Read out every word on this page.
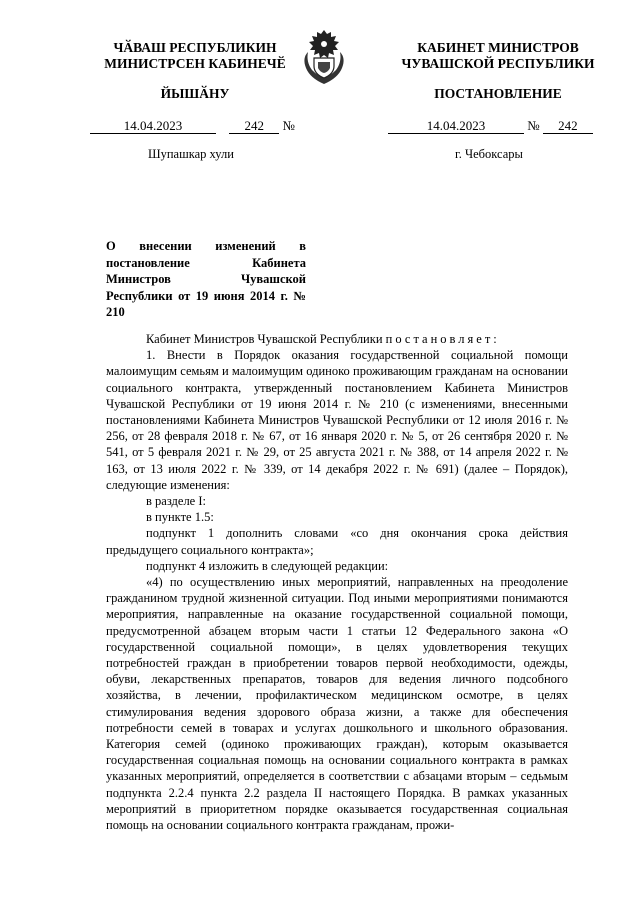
ЧӐВАШ РЕСПУБЛИКИН
МИНИСТРСЕН КАБИНЕЧӖ
КАБИНЕТ МИНИСТРОВ
ЧУВАШСКОЙ РЕСПУБЛИКИ
ЙЫШӐНУ	ПОСТАНОВЛЕНИЕ
14.04.2023	242 №	14.04.2023	№ 242
Шупашкар хули	г. Чебоксары
О внесении изменений в постановление Кабинета Министров Чувашской Республики от 19 июня 2014 г. № 210

Кабинет Министров Чувашской Республики постановляет:

1. Внести в Порядок оказания государственной социальной помощи малоимущим семьям и малоимущим одиноко проживающим гражданам на основании социального контракта, утвержденный постановлением Кабинета Министров Чувашской Республики от 19 июня 2014 г. № 210 (с изменениями, внесенными постановлениями Кабинета Министров Чувашской Республики от 12 июля 2016 г. № 256, от 28 февраля 2018 г. № 67, от 16 января 2020 г. № 5, от 26 сентября 2020 г. № 541, от 5 февраля 2021 г. № 29, от 25 августа 2021 г. № 388, от 14 апреля 2022 г. № 163, от 13 июля 2022 г. № 339, от 14 декабря 2022 г. № 691) (далее – Порядок), следующие изменения:

в разделе I:

в пункте 1.5:

подпункт 1 дополнить словами «со дня окончания срока действия предыдущего социального контракта»;

подпункт 4 изложить в следующей редакции:

«4) по осуществлению иных мероприятий, направленных на преодоление гражданином трудной жизненной ситуации. Под иными мероприятиями понимаются мероприятия, направленные на оказание государственной социальной помощи, предусмотренной абзацем вторым части 1 статьи 12 Федерального закона «О государственной социальной помощи», в целях удовлетворения текущих потребностей граждан в приобретении товаров первой необходимости, одежды, обуви, лекарственных препаратов, товаров для ведения личного подсобного хозяйства, в лечении, профилактическом медицинском осмотре, в целях стимулирования ведения здорового образа жизни, а также для обеспечения потребности семей в товарах и услугах дошкольного и школьного образования. Категория семей (одиноко проживающих граждан), которым оказывается государственная социальная помощь на основании социального контракта в рамках указанных мероприятий, определяется в соответствии с абзацами вторым – седьмым подпункта 2.2.4 пункта 2.2 раздела II настоящего Порядка. В рамках указанных мероприятий в приоритетном порядке оказывается государственная социальная помощь на основании социального контракта гражданам, прожи-
